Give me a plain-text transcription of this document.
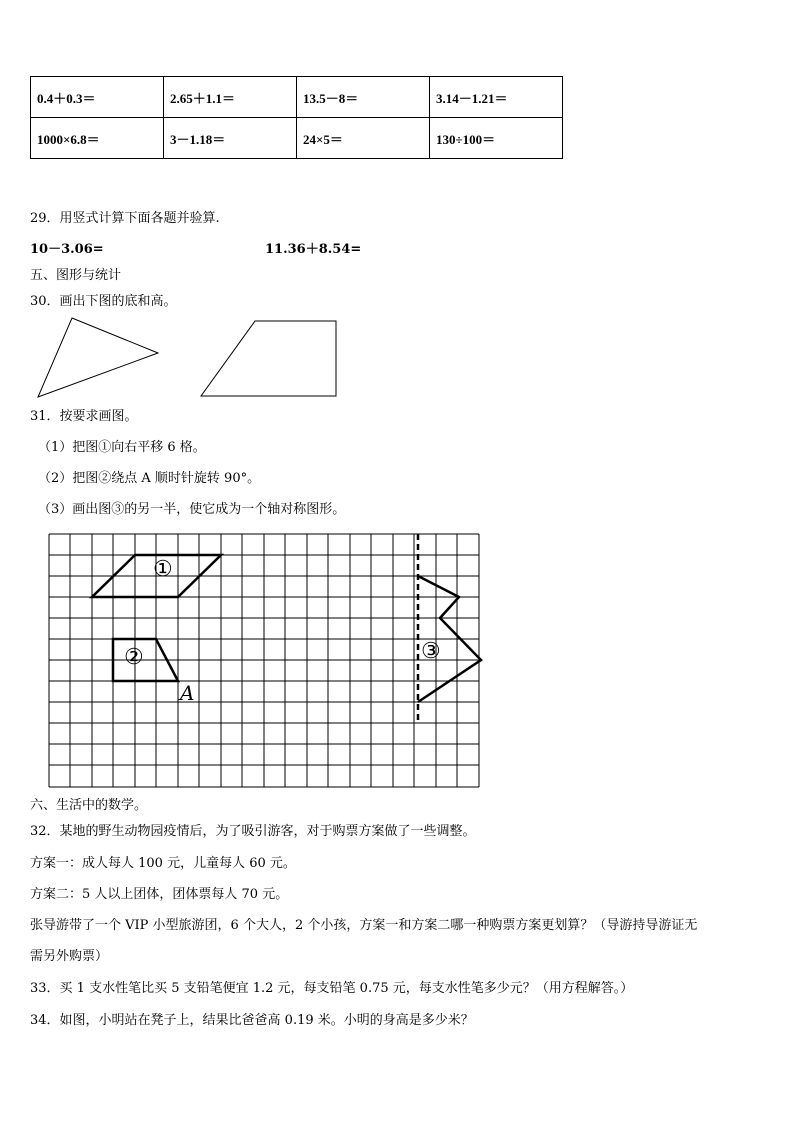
0.4＋0.3＝	2.65＋1.1＝	13.5－8＝	3.14－1.21＝
1000×6.8＝	3－1.18＝	24×5＝	130÷100＝
29．用竖式计算下面各题并验算.
10－3.06=	11.36＋8.54=
五、图形与统计
30．画出下图的底和高。
31．按要求画图。
（1）把图①向右平移 6 格。
（2）把图②绕点 A 顺时针旋转 90°。
（3）画出图③的另一半，使它成为一个轴对称图形。
①
②	③
A
六、生活中的数学。
32．某地的野生动物园疫情后，为了吸引游客，对于购票方案做了一些调整。
方案一：成人每人 100 元，儿童每人 60 元。
方案二：5 人以上团体，团体票每人 70 元。
张导游带了一个 VIP 小型旅游团，6 个大人，2 个小孩，方案一和方案二哪一种购票方案更划算？（导游持导游证无
需另外购票）
33．买 1 支水性笔比买 5 支铅笔便宜 1.2 元，每支铅笔 0.75 元，每支水性笔多少元？（用方程解答。）
34．如图，小明站在凳子上，结果比爸爸高 0.19 米。小明的身高是多少米？
